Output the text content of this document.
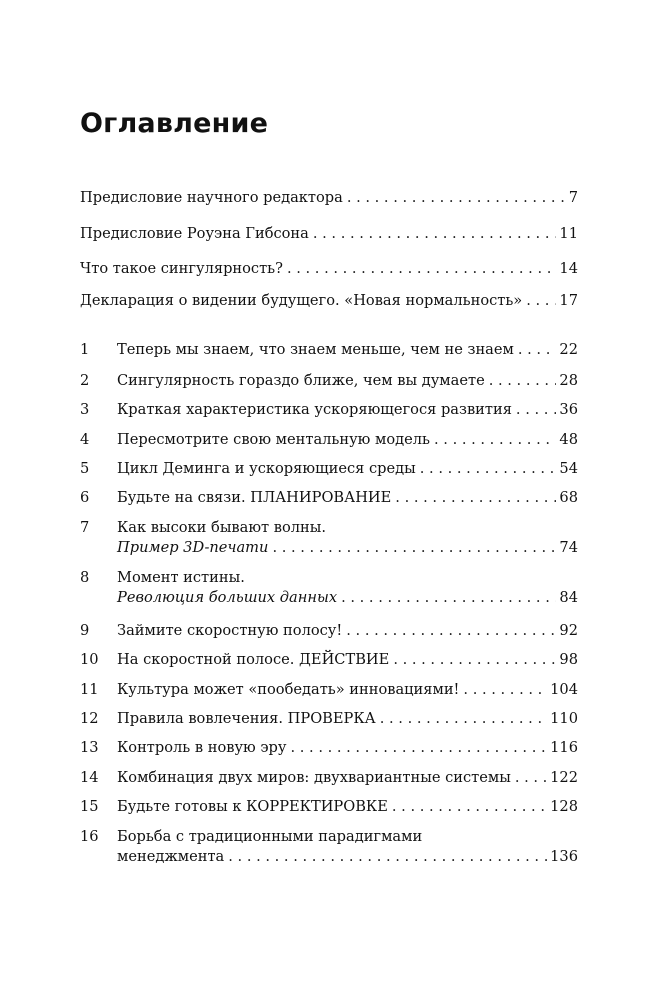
Оглавление
Предисловие научного редактора . . .	7
Предисловие Роуэна Гибсона . . .	11
Что такое сингулярность? . . .	14
Декларация о видении будущего. «Новая нормальность» . . .	17
1	Теперь мы знаем, что знаем меньше, чем не знаем . . .	22
2	Сингулярность гораздо ближе, чем вы думаете . . .	28
3	Краткая характеристика ускоряющегося развития . . .	36
4	Пересмотрите свою ментальную модель . . .	48
5	Цикл Деминга и ускоряющиеся среды . . .	54
6	Будьте на связи. ПЛАНИРОВАНИЕ . . .	68
7	Как высоки бывают волны.
Пример 3D-печати . . .	74
8	Момент истины.
Революция больших данных . . .	84
9	Займите скоростную полосу! . . .	92
10	На скоростной полосе. ДЕЙСТВИЕ . . .	98
11	Культура может «пообедать» инновациями! . . .	104
12	Правила вовлечения. ПРОВЕРКА . . .	110
13	Контроль в новую эру . . .	116
14	Комбинация двух миров: двухвариантные системы . . .	122
15	Будьте готовы к КОРРЕКТИРОВКЕ . . .	128
16	Борьба с традиционными парадигмами
менеджмента . . .	136
